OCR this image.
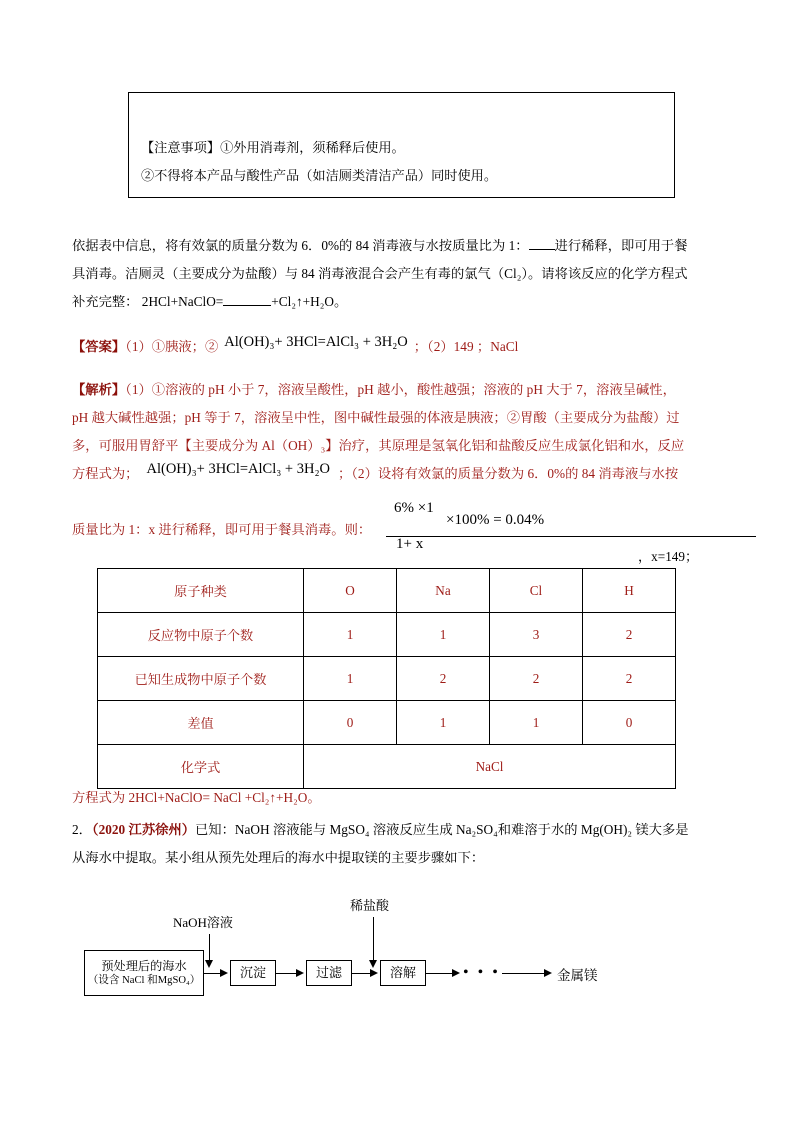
【注意事项】①外用消毒剂，须稀释后使用。
②不得将本产品与酸性产品（如洁厕类清洁产品）同时使用。
依据表中信息，将有效氯的质量分数为 6．0%的 84 消毒液与水按质量比为 1： 进行稀释，即可用于餐
具消毒。洁厕灵（主要成分为盐酸）与 84 消毒液混合会产生有毒的氯气（Cl₂）。请将该反应的化学方程式
补充完整： 2HCl+NaClO=	+Cl₂↑+H₂O。
【答案】（1）①胰液；② Al(OH)₃+ 3HCl=AlCl₃ + 3H₂O ；（2）149 ；NaCl
【解析】（1）①溶液的 pH 小于 7，溶液呈酸性，pH 越小，酸性越强；溶液的 pH 大于 7，溶液呈碱性，
pH 越大碱性越强；pH 等于 7，溶液呈中性，图中碱性最强的体液是胰液；②胃酸（主要成分为盐酸）过
多，可服用胃舒平【主要成分为 Al（OH）₃】治疗，其原理是氢氧化铝和盐酸反应生成氯化铝和水，反应
方程式为； Al(OH)₃+ 3HCl=AlCl₃ + 3H₂O ；（2）设将有效氯的质量分数为 6．0%的 84 消毒液与水按
质量比为 1：x 进行稀释，即可用于餐具消毒。则：
6% ×1
×100% = 0.04%
1+ x
，x=149；
原子种类	O	Na	Cl	H
反应物中原子个数	1	1	3	2
已知生成物中原子个数	1	2	2	2
差值	0	1	1	0
化学式	NaCl			
方程式为 2HCl+NaClO= NaCl +Cl₂↑+H₂O。
2．（2020 江苏徐州）已知：NaOH 溶液能与 MgSO₄ 溶液反应生成 Na₂SO₄和难溶于水的 Mg(OH)₂ 镁大多是
从海水中提取。某小组从预先处理后的海水中提取镁的主要步骤如下：
NaOH溶液
稀盐酸
预处理后的海水
（设含 NaCl 和MgSO₄）
沉淀	过滤	溶解	• • •	金属镁
